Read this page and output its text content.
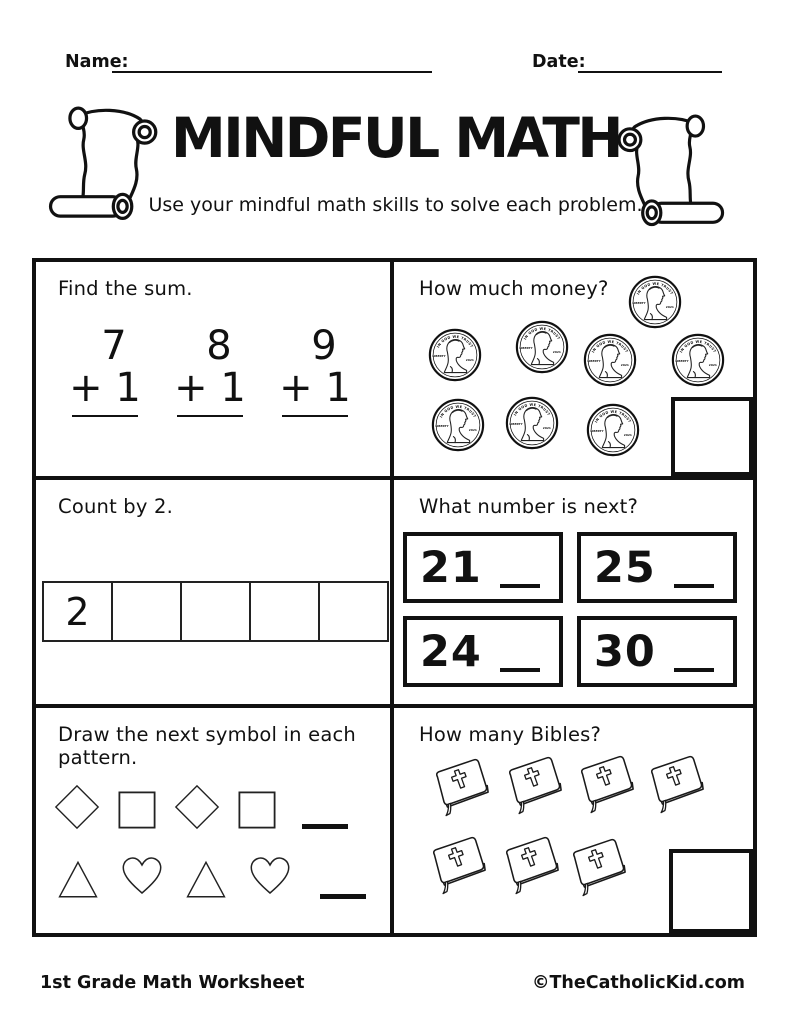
Name:	Date:
MINDFUL MATH
Use your mindful math skills to solve each problem.
Find the sum.
7
+ 1
8
+ 1
9
+ 1
How much money?	IN GOD WE TRUST
LIBERTY
2021
IN GOD WE TRUST
LIBERTY
2021
IN GOD WE TRUST
LIBERTY
2021	IN GOD WE TRUST
LIBERTY
2021
IN GOD WE TRUST
LIBERTY
2021
IN GOD WE TRUST
LIBERTY
2021
IN GOD WE TRUST
LIBERTY
2021
IN GOD WE TRUST
LIBERTY
2021
Count by 2.
2
What number is next?
21	25
24	30
Draw the next symbol in each pattern.
How many Bibles?
1st Grade Math Worksheet	©TheCatholicKid.com
